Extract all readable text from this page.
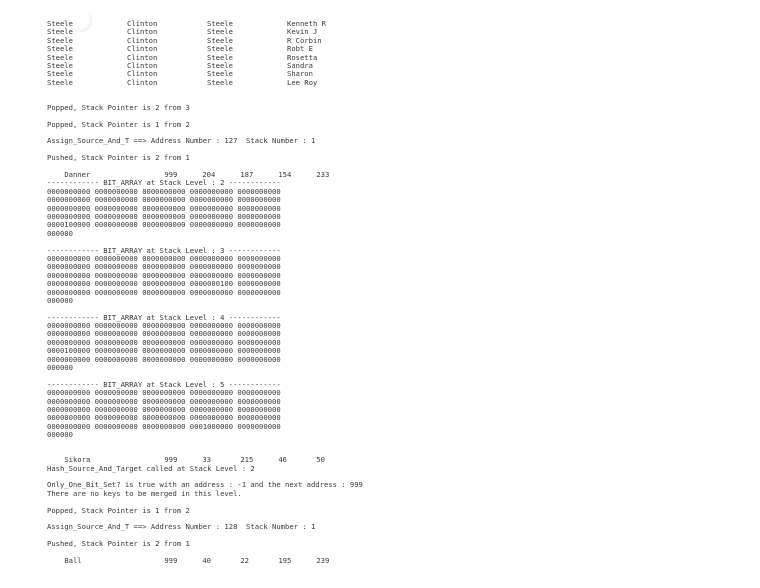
Steele	Clinton	Steele	Kenneth R
Steele	Clinton	Steele	Kevin J
Steele	Clinton	Steele	R Corbin
Steele	Clinton	Steele	Robt E
Steele	Clinton	Steele	Rosetta
Steele	Clinton	Steele	Sandra
Steele	Clinton	Steele	Sharon
Steele	Clinton	Steele	Lee Roy
Popped, Stack Pointer is 2 from 3
Popped, Stack Pointer is 1 from 2
Assign_Source_And_T ==> Address Number : 127  Stack Number : 1
Pushed, Stack Pointer is 2 from 1

Danner	999	204	187	154	233

------------ BIT_ARRAY at Stack Level : 2 ------------
0000000000 0000000000 0000000000 0000000000 0000000000
0000000000 0000000000 0000000000 0000000000 0000000000
0000000000 0000000000 0000000000 0000000000 0000000000
0000000000 0000000000 0000000000 0000000000 0000000000
0000100000 0000000000 0000000000 0000000000 0000000000
000000
------------ BIT_ARRAY at Stack Level : 3 ------------
0000000000 0000000000 0000000000 0000000000 0000000000
0000000000 0000000000 0000000000 0000000000 0000000000
0000000000 0000000000 0000000000 0000000000 0000000000
0000000000 0000000000 0000000000 0000000100 0000000000
0000000000 0000000000 0000000000 0000000000 0000000000
000000
------------ BIT_ARRAY at Stack Level : 4 ------------
0000000000 0000000000 0000000000 0000000000 0000000000
0000000000 0000000000 0000000000 0000000000 0000000000
0000000000 0000000000 0000000000 0000000000 0000000000
0000100000 0000000000 0000000000 0000000000 0000000000
0000000000 0000000000 0000000000 0000000000 0000000000
000000
------------ BIT_ARRAY at Stack Level : 5 ------------
0000000000 0000000000 0000000000 0000000000 0000000000
0000000000 0000000000 0000000000 0000000000 0000000000
0000000000 0000000000 0000000000 0000000000 0000000000
0000000000 0000000000 0000000000 0000000000 0000000000
0000000000 0000000000 0000000000 0001000000 0000000000
000000

Sikora	999	33	215	46	50

Hash_Source_And_Target called at Stack Level : 2
Only_One_Bit_Set? is true with an address : -1 and the next address : 999
There are no keys to be merged in this level.
Popped, Stack Pointer is 1 from 2
Assign_Source_And_T ==> Address Number : 128  Stack Number : 1
Pushed, Stack Pointer is 2 from 1

Ball	999	40	22	195	239
